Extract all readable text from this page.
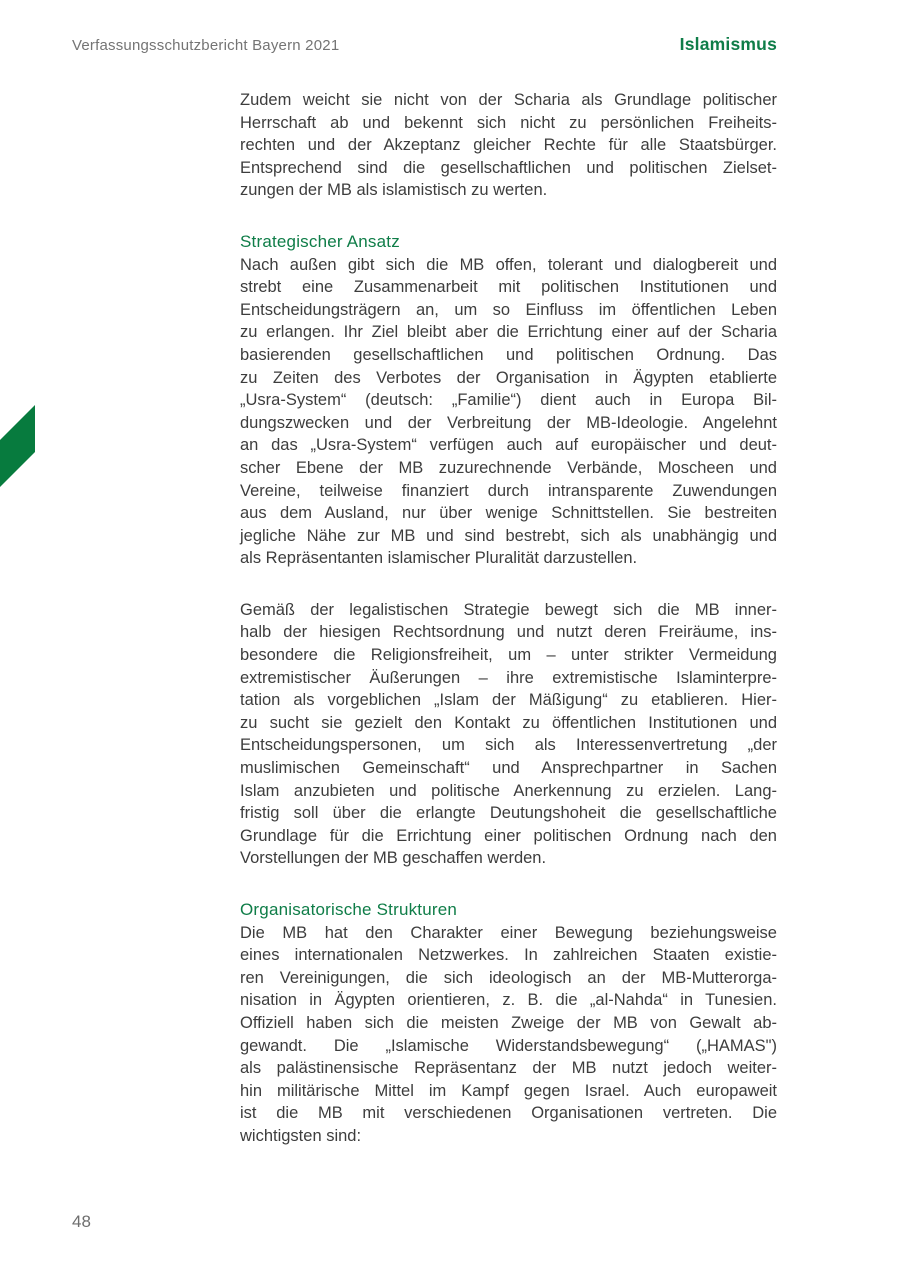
Verfassungsschutzbericht Bayern 2021	Islamismus
Zudem weicht sie nicht von der Scharia als Grundlage politischer
Herrschaft ab und bekennt sich nicht zu persönlichen Freiheits-
rechten und der Akzeptanz gleicher Rechte für alle Staatsbürger.
Entsprechend sind die gesellschaftlichen und politischen Zielset-
zungen der MB als islamistisch zu werten.
Strategischer Ansatz
Nach außen gibt sich die MB offen, tolerant und dialogbereit und
strebt eine Zusammenarbeit mit politischen Institutionen und
Entscheidungsträgern an, um so Einfluss im öffentlichen Leben
zu erlangen. Ihr Ziel bleibt aber die Errichtung einer auf der Scharia
basierenden gesellschaftlichen und politischen Ordnung. Das
zu Zeiten des Verbotes der Organisation in Ägypten etablierte
„Usra-System“ (deutsch: „Familie“) dient auch in Europa Bil-
dungszwecken und der Verbreitung der MB-Ideologie. Angelehnt
an das „Usra-System“ verfügen auch auf europäischer und deut-
scher Ebene der MB zuzurechnende Verbände, Moscheen und
Vereine, teilweise finanziert durch intransparente Zuwendungen
aus dem Ausland, nur über wenige Schnittstellen. Sie bestreiten
jegliche Nähe zur MB und sind bestrebt, sich als unabhängig und
als Repräsentanten islamischer Pluralität darzustellen.
Gemäß der legalistischen Strategie bewegt sich die MB inner-
halb der hiesigen Rechtsordnung und nutzt deren Freiräume, ins-
besondere die Religionsfreiheit, um – unter strikter Vermeidung
extremistischer Äußerungen – ihre extremistische Islaminterpre-
tation als vorgeblichen „Islam der Mäßigung“ zu etablieren. Hier-
zu sucht sie gezielt den Kontakt zu öffentlichen Institutionen und
Entscheidungspersonen, um sich als Interessenvertretung „der
muslimischen Gemeinschaft“ und Ansprechpartner in Sachen
Islam anzubieten und politische Anerkennung zu erzielen. Lang-
fristig soll über die erlangte Deutungshoheit die gesellschaftliche
Grundlage für die Errichtung einer politischen Ordnung nach den
Vorstellungen der MB geschaffen werden.
Organisatorische Strukturen
Die MB hat den Charakter einer Bewegung beziehungsweise
eines internationalen Netzwerkes. In zahlreichen Staaten existie-
ren Vereinigungen, die sich ideologisch an der MB-Mutterorga-
nisation in Ägypten orientieren, z. B. die „al-Nahda“ in Tunesien.
Offiziell haben sich die meisten Zweige der MB von Gewalt ab-
gewandt. Die „Islamische Widerstandsbewegung“ („HAMAS")
als palästinensische Repräsentanz der MB nutzt jedoch weiter-
hin militärische Mittel im Kampf gegen Israel. Auch europaweit
ist die MB mit verschiedenen Organisationen vertreten. Die
wichtigsten sind:
48
